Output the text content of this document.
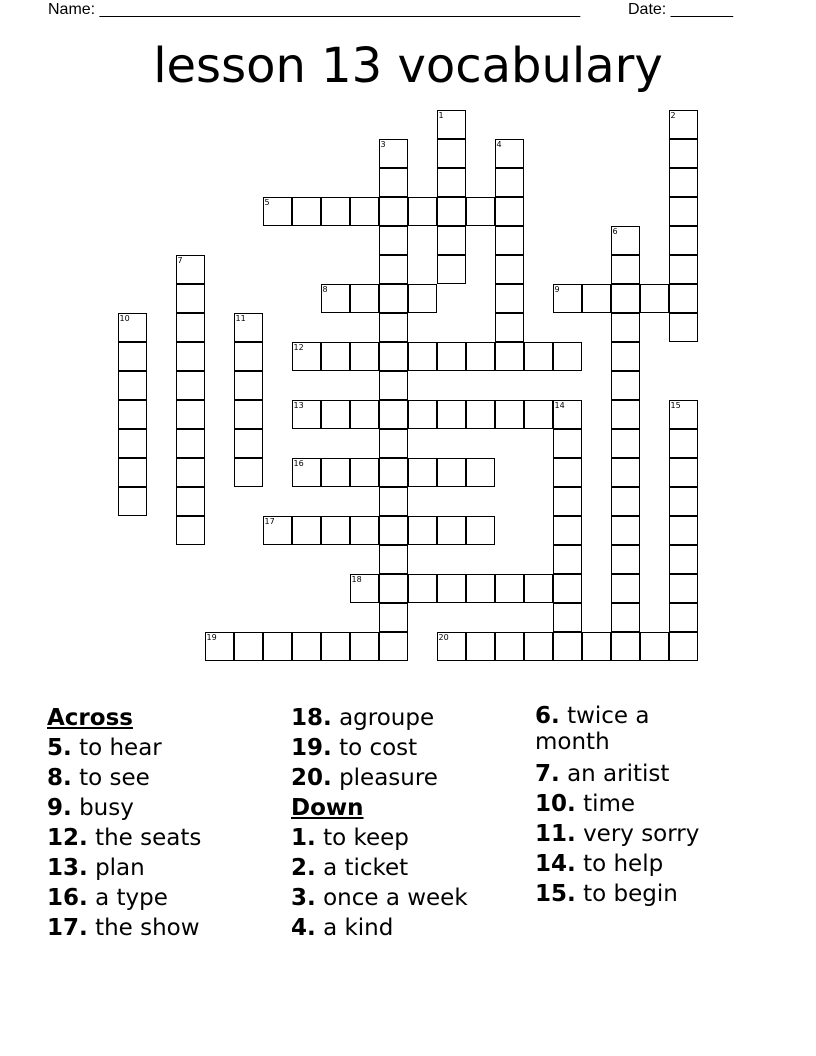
Name: ______________________________________________________	Date: _______
lesson 13 vocabulary
1	2
3	4
5
6
7
8	9
10	11
12
13	14	15
16
17
18
19	20
Across
5. to hear
8. to see
9. busy
12. the seats
13. plan
16. a type
17. the show
18. agroupe
19. to cost
20. pleasure
Down
1. to keep
2. a ticket
3. once a week
4. a kind
6. twice a month
7. an aritist
10. time
11. very sorry
14. to help
15. to begin
